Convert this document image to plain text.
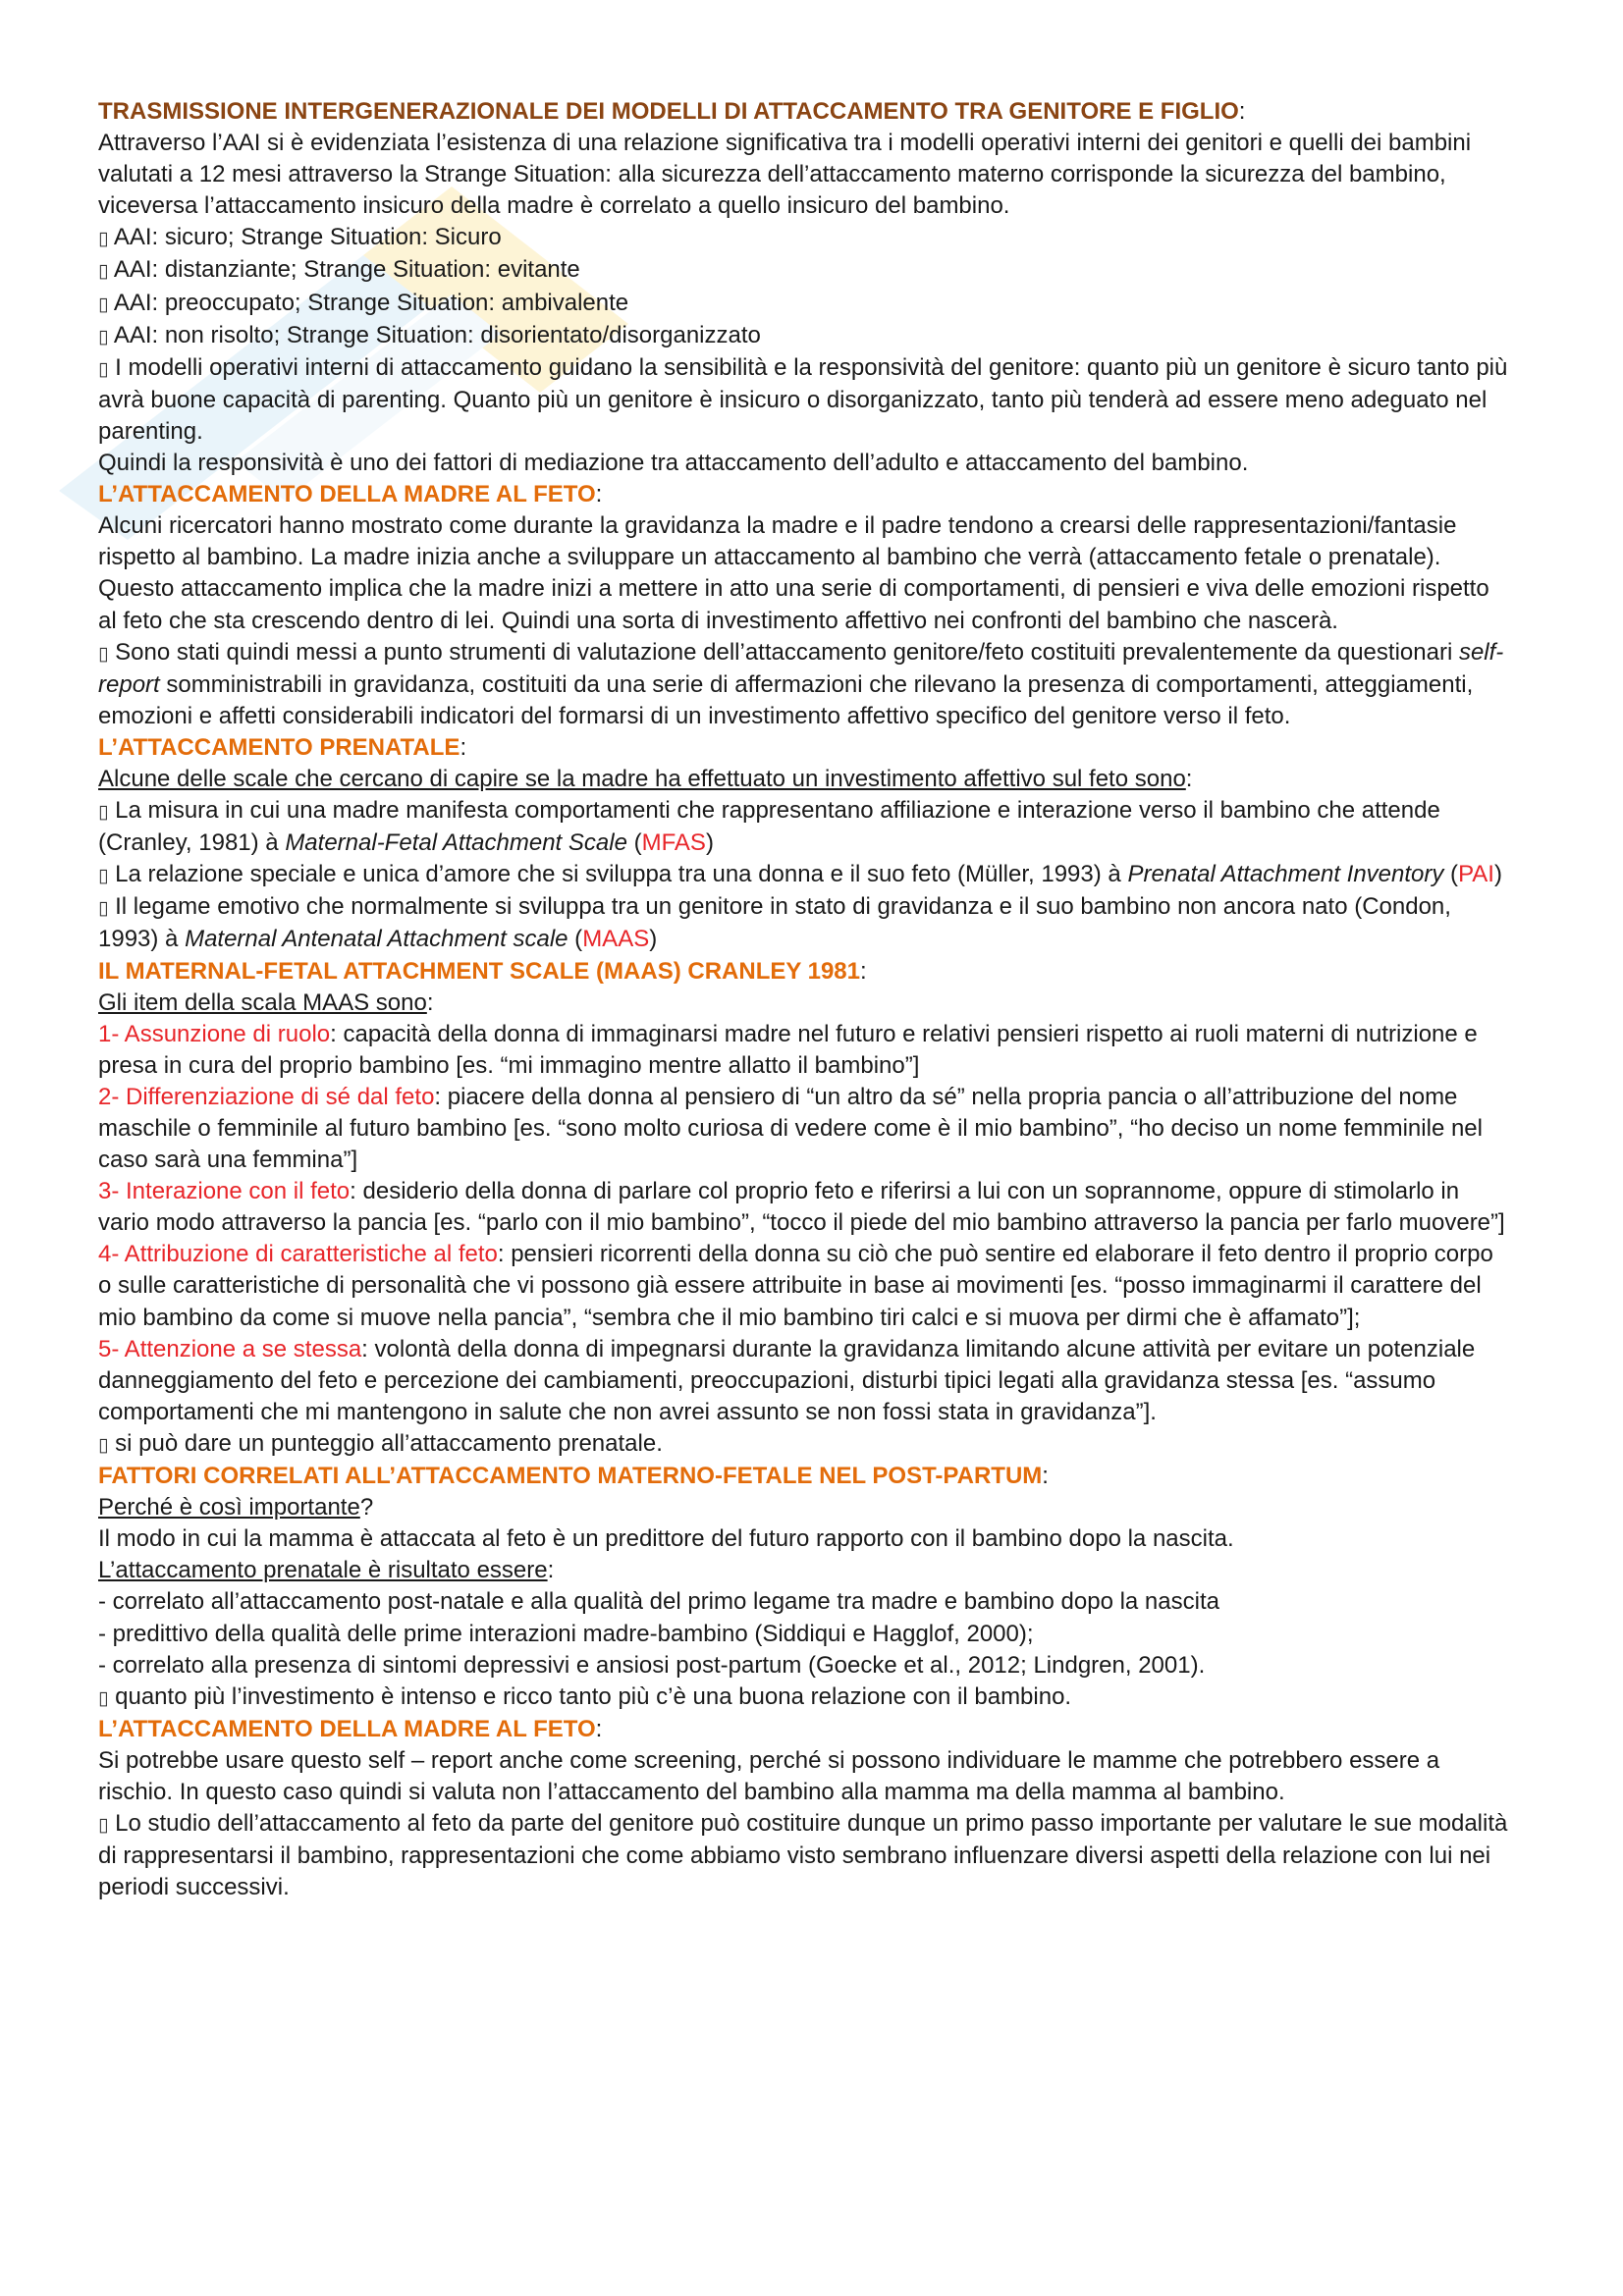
TRASMISSIONE INTERGENERAZIONALE DEI MODELLI DI ATTACCAMENTO TRA GENITORE E FIGLIO:

Attraverso l’AAI si è evidenziata l’esistenza di una relazione significativa tra i modelli operativi interni dei genitori e quelli dei bambini valutati a 12 mesi attraverso la Strange Situation: alla sicurezza dell’attaccamento materno corrisponde la sicurezza del bambino, viceversa l’attaccamento insicuro della madre è correlato a quello insicuro del bambino.

▯ AAI: sicuro; Strange Situation: Sicuro

▯ AAI: distanziante; Strange Situation: evitante

▯ AAI: preoccupato; Strange Situation: ambivalente

▯ AAI: non risolto; Strange Situation: disorientato/disorganizzato

▯ I modelli operativi interni di attaccamento guidano la sensibilità e la responsività del genitore: quanto più un genitore è sicuro tanto più avrà buone capacità di parenting. Quanto più un genitore è insicuro o disorganizzato, tanto più tenderà ad essere meno adeguato nel parenting.

Quindi la responsività è uno dei fattori di mediazione tra attaccamento dell’adulto e attaccamento del bambino.

L’ATTACCAMENTO DELLA MADRE AL FETO:

Alcuni ricercatori hanno mostrato come durante la gravidanza la madre e il padre tendono a crearsi delle rappresentazioni/fantasie rispetto al bambino. La madre inizia anche a sviluppare un attaccamento al bambino che verrà (attaccamento fetale o prenatale).

Questo attaccamento implica che la madre inizi a mettere in atto una serie di comportamenti, di pensieri e viva delle emozioni rispetto al feto che sta crescendo dentro di lei. Quindi una sorta di investimento affettivo nei confronti del bambino che nascerà.

▯ Sono stati quindi messi a punto strumenti di valutazione dell’attaccamento genitore/feto costituiti prevalentemente da questionari self-report somministrabili in gravidanza, costituiti da una serie di affermazioni che rilevano la presenza di comportamenti, atteggiamenti, emozioni e affetti considerabili indicatori del formarsi di un investimento affettivo specifico del genitore verso il feto.

L’ATTACCAMENTO PRENATALE:

Alcune delle scale che cercano di capire se la madre ha effettuato un investimento affettivo sul feto sono:

▯ La misura in cui una madre manifesta comportamenti che rappresentano affiliazione e interazione verso il bambino che attende (Cranley, 1981) à Maternal-Fetal Attachment Scale (MFAS)

▯ La relazione speciale e unica d’amore che si sviluppa tra una donna e il suo feto (Müller, 1993) à Prenatal Attachment Inventory (PAI)

▯ Il legame emotivo che normalmente si sviluppa tra un genitore in stato di gravidanza e il suo bambino non ancora nato (Condon, 1993) à Maternal Antenatal Attachment scale (MAAS)

IL MATERNAL-FETAL ATTACHMENT SCALE (MAAS) CRANLEY 1981:

Gli item della scala MAAS sono:

1- Assunzione di ruolo: capacità della donna di immaginarsi madre nel futuro e relativi pensieri rispetto ai ruoli materni di nutrizione e presa in cura del proprio bambino [es. “mi immagino mentre allatto il bambino”]

2- Differenziazione di sé dal feto: piacere della donna al pensiero di “un altro da sé” nella propria pancia o all’attribuzione del nome maschile o femminile al futuro bambino [es. “sono molto curiosa di vedere come è il mio bambino”, “ho deciso un nome femminile nel caso sarà una femmina”]

3- Interazione con il feto: desiderio della donna di parlare col proprio feto e riferirsi a lui con un soprannome, oppure di stimolarlo in vario modo attraverso la pancia [es. “parlo con il mio bambino”, “tocco il piede del mio bambino attraverso la pancia per farlo muovere”]

4- Attribuzione di caratteristiche al feto: pensieri ricorrenti della donna su ciò che può sentire ed elaborare il feto dentro il proprio corpo o sulle caratteristiche di personalità che vi possono già essere attribuite in base ai movimenti [es. “posso immaginarmi il carattere del mio bambino da come si muove nella pancia”, “sembra che il mio bambino tiri calci e si muova per dirmi che è affamato”];

5- Attenzione a se stessa: volontà della donna di impegnarsi durante la gravidanza limitando alcune attività per evitare un potenziale danneggiamento del feto e percezione dei cambiamenti, preoccupazioni, disturbi tipici legati alla gravidanza stessa [es. “assumo comportamenti che mi mantengono in salute che non avrei assunto se non fossi stata in gravidanza”].

▯ si può dare un punteggio all’attaccamento prenatale.

FATTORI CORRELATI ALL’ATTACCAMENTO MATERNO-FETALE NEL POST-PARTUM:

Perché è così importante?

Il modo in cui la mamma è attaccata al feto è un predittore del futuro rapporto con il bambino dopo la nascita.

L’attaccamento prenatale è risultato essere:

- correlato all’attaccamento post-natale e alla qualità del primo legame tra madre e bambino dopo la nascita

- predittivo della qualità delle prime interazioni madre-bambino (Siddiqui e Hagglof, 2000);

- correlato alla presenza di sintomi depressivi e ansiosi post-partum (Goecke et al., 2012; Lindgren, 2001).

▯ quanto più l’investimento è intenso e ricco tanto più c’è una buona relazione con il bambino.

L’ATTACCAMENTO DELLA MADRE AL FETO:

Si potrebbe usare questo self – report anche come screening, perché si possono individuare le mamme che potrebbero essere a rischio. In questo caso quindi si valuta non l’attaccamento del bambino alla mamma ma della mamma al bambino.

▯ Lo studio dell’attaccamento al feto da parte del genitore può costituire dunque un primo passo importante per valutare le sue modalità di rappresentarsi il bambino, rappresentazioni che come abbiamo visto sembrano influenzare diversi aspetti della relazione con lui nei periodi successivi.
